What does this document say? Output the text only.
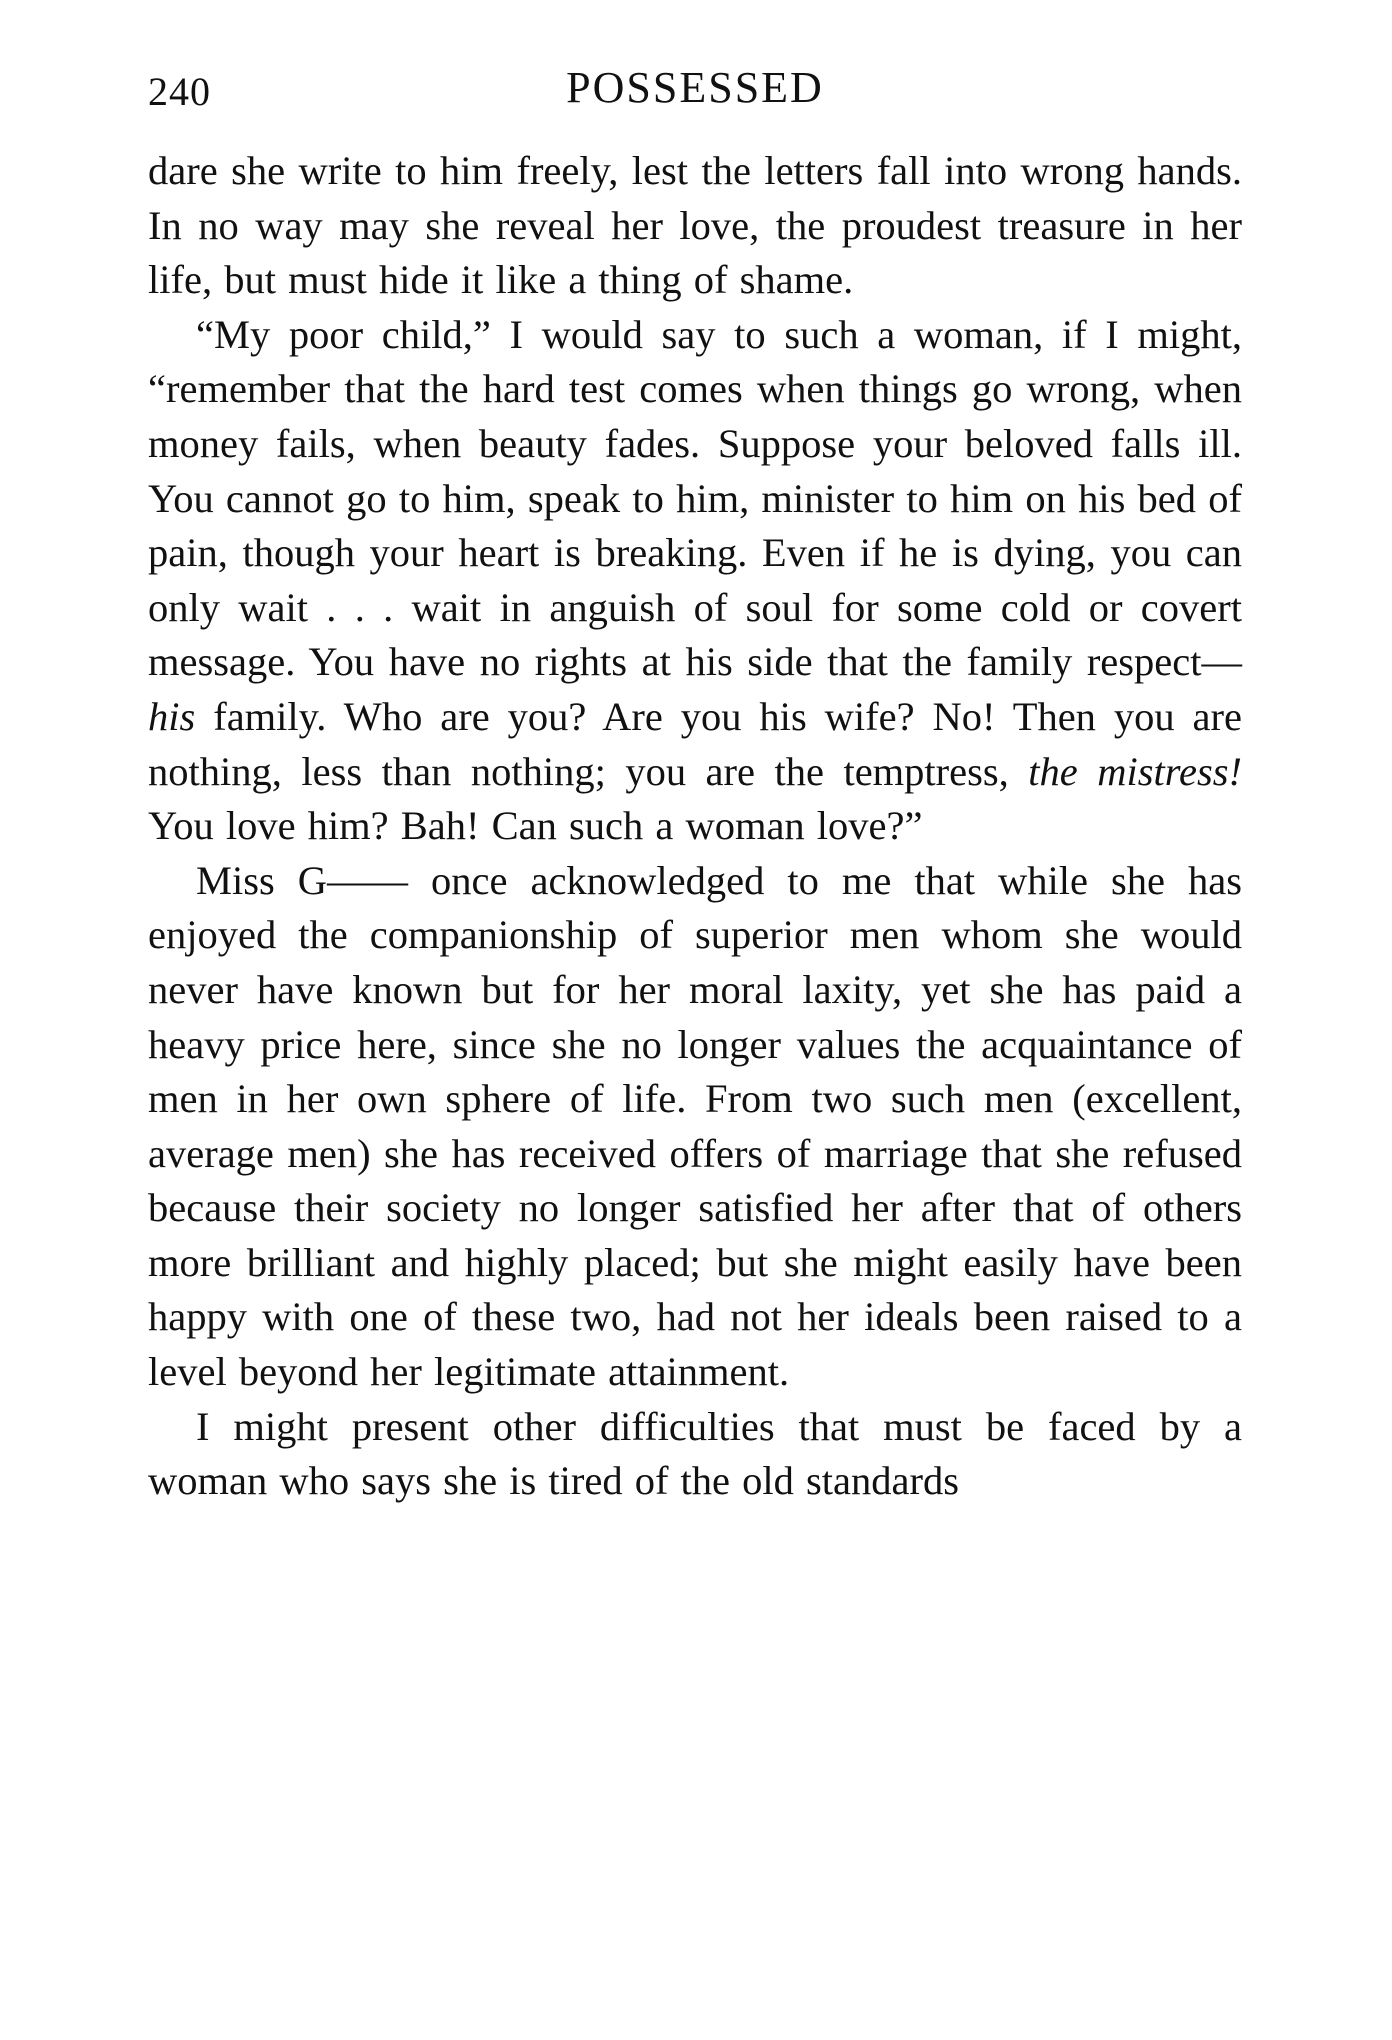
240	POSSESSED

dare she write to him freely, lest the letters fall into wrong hands. In no way may she reveal her love, the proudest treasure in her life, but must hide it like a thing of shame.

“My poor child,” I would say to such a woman, if I might, “remember that the hard test comes when things go wrong, when money fails, when beauty fades. Suppose your beloved falls ill. You cannot go to him, speak to him, minister to him on his bed of pain, though your heart is breaking. Even if he is dying, you can only wait . . . wait in anguish of soul for some cold or covert message. You have no rights at his side that the family respect—his family. Who are you? Are you his wife? No! Then you are nothing, less than nothing; you are the temptress, the mistress! You love him? Bah! Can such a woman love?”

Miss G—— once acknowledged to me that while she has enjoyed the companionship of superior men whom she would never have known but for her moral laxity, yet she has paid a heavy price here, since she no longer values the acquaintance of men in her own sphere of life. From two such men (excellent, average men) she has received offers of marriage that she refused because their society no longer satisfied her after that of others more brilliant and highly placed; but she might easily have been happy with one of these two, had not her ideals been raised to a level beyond her legitimate attainment.

I might present other difficulties that must be faced by a woman who says she is tired of the old standards
